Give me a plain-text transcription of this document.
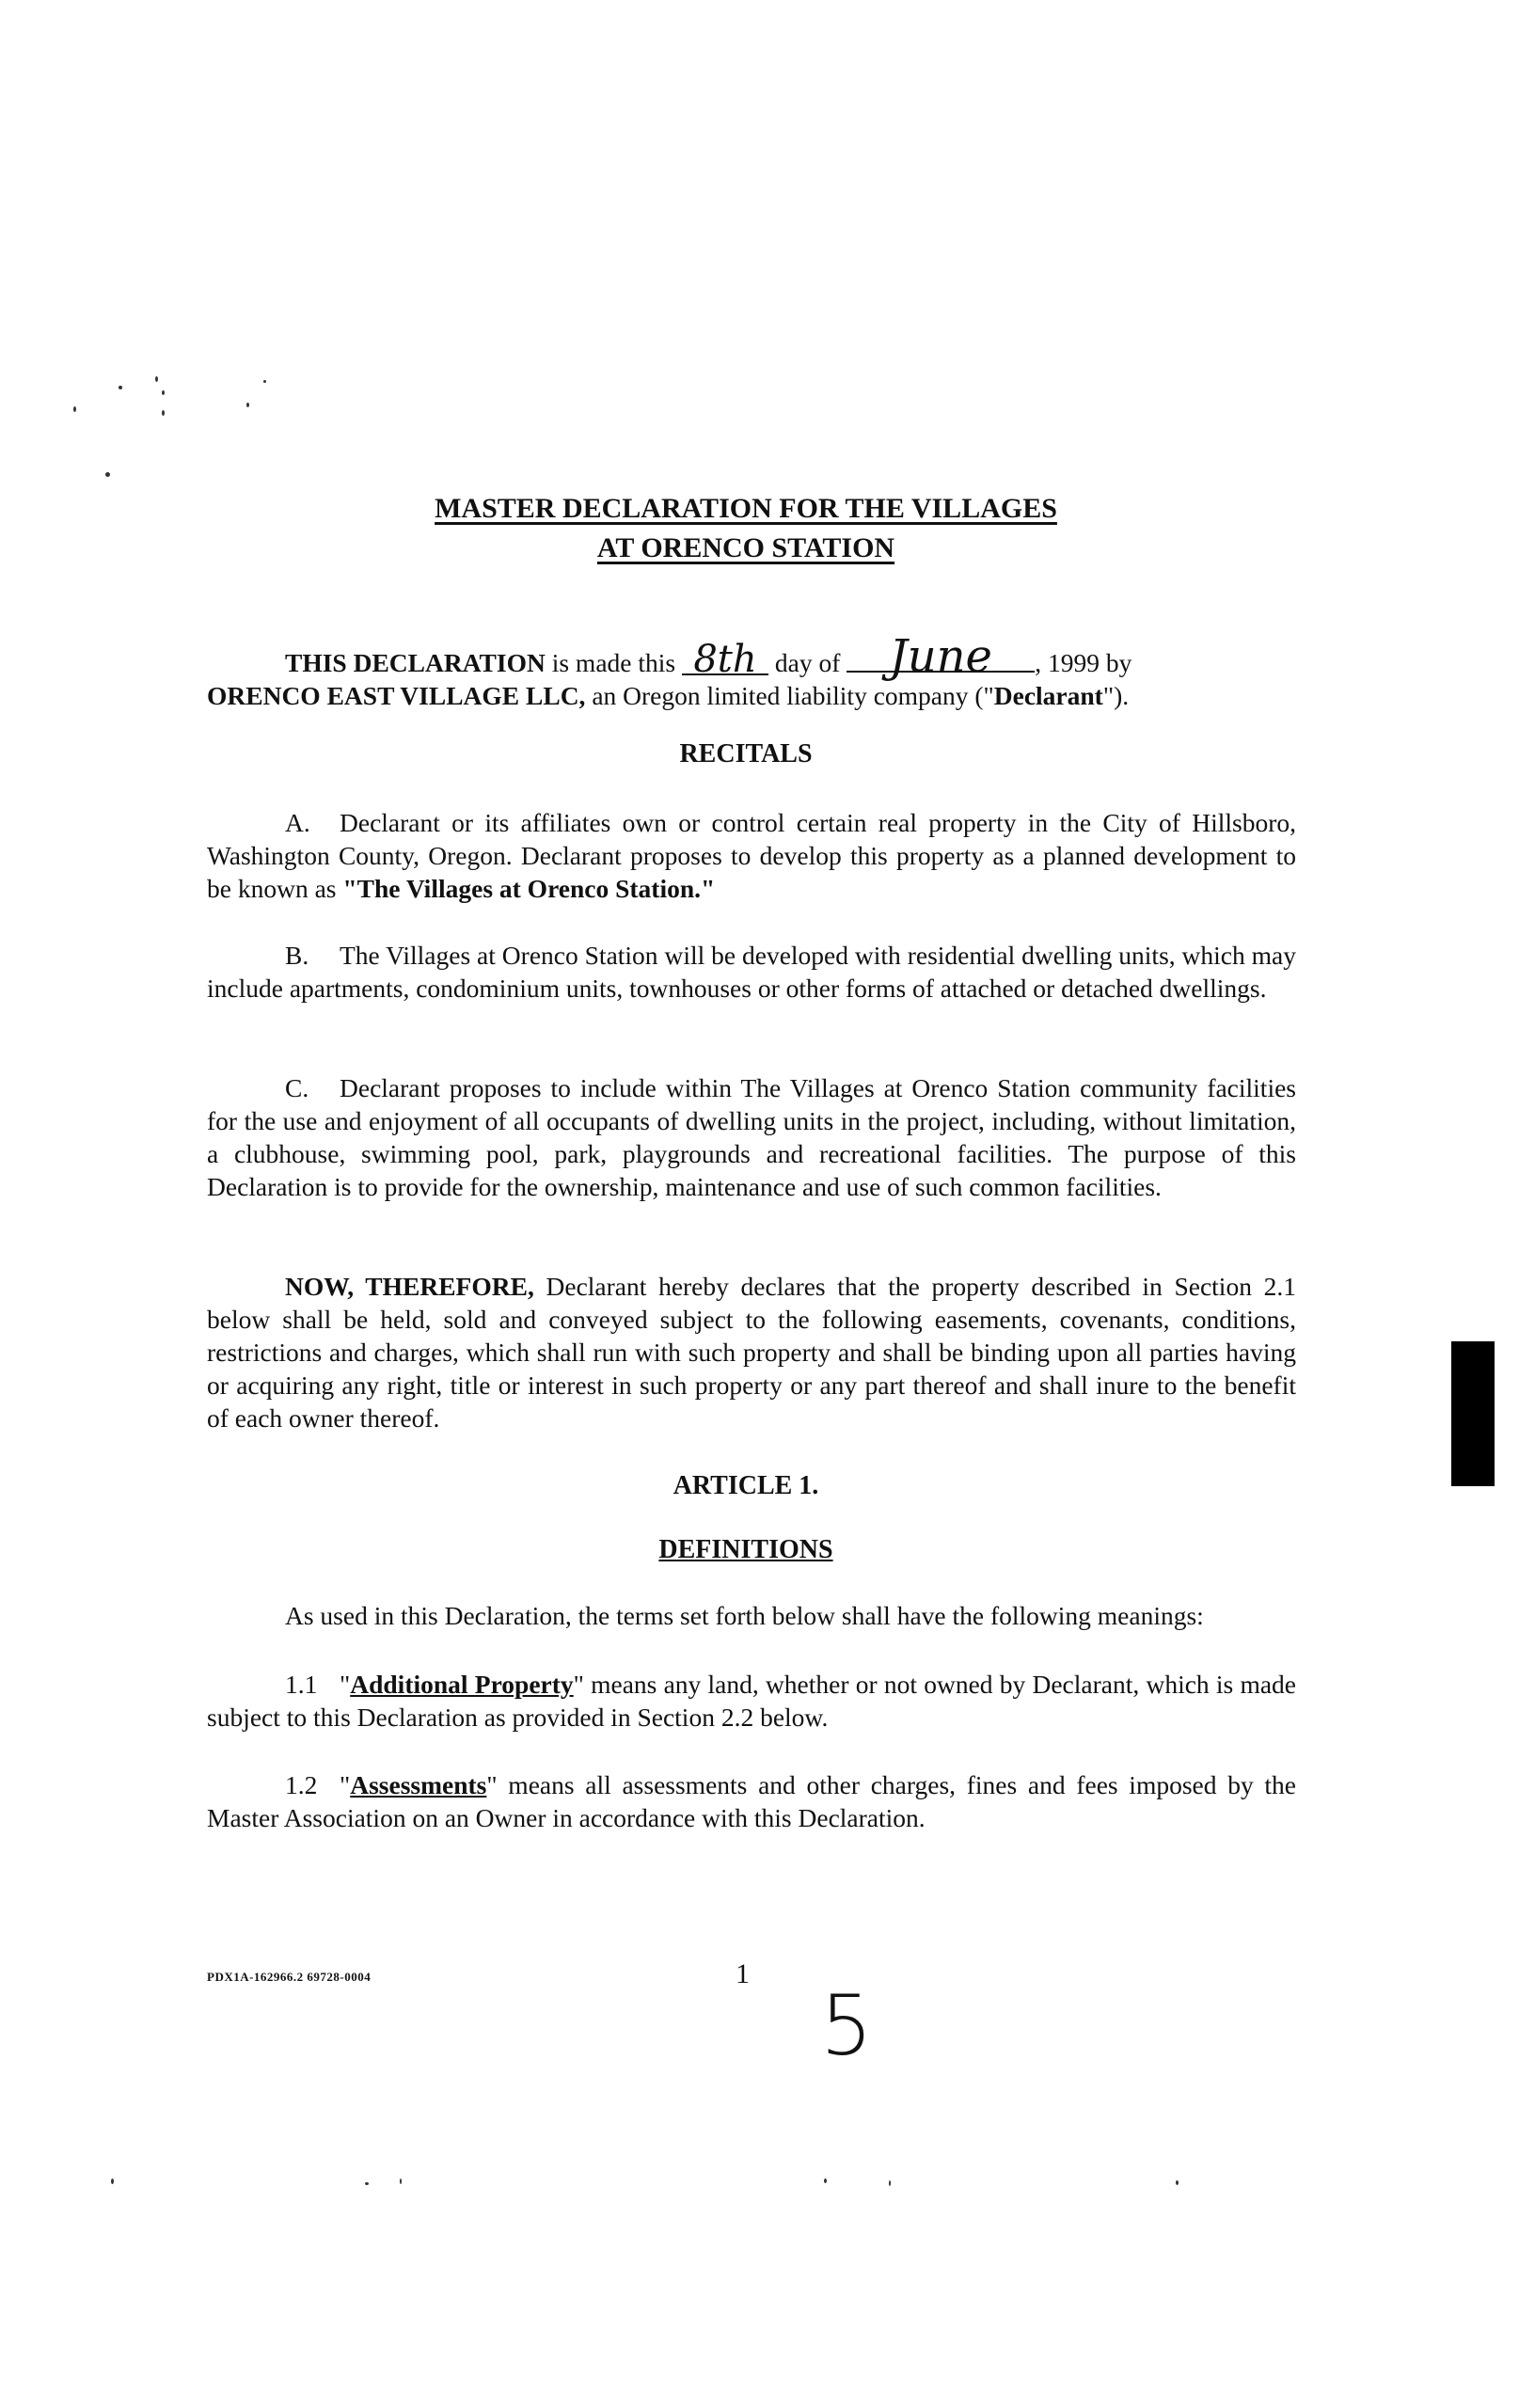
MASTER DECLARATION FOR THE VILLAGES
AT ORENCO STATION

THIS DECLARATION is made this 8th day of June , 1999 by
ORENCO EAST VILLAGE LLC, an Oregon limited liability company ("Declarant").

RECITALS

A. Declarant or its affiliates own or control certain real property in the City of Hillsboro, Washington County, Oregon. Declarant proposes to develop this property as a planned development to be known as "The Villages at Orenco Station."

B. The Villages at Orenco Station will be developed with residential dwelling units, which may include apartments, condominium units, townhouses or other forms of attached or detached dwellings.

C. Declarant proposes to include within The Villages at Orenco Station community facilities for the use and enjoyment of all occupants of dwelling units in the project, including, without limitation, a clubhouse, swimming pool, park, playgrounds and recreational facilities. The purpose of this Declaration is to provide for the ownership, maintenance and use of such common facilities.

NOW, THEREFORE, Declarant hereby declares that the property described in Section 2.1 below shall be held, sold and conveyed subject to the following easements, covenants, conditions, restrictions and charges, which shall run with such property and shall be binding upon all parties having or acquiring any right, title or interest in such property or any part thereof and shall inure to the benefit of each owner thereof.

ARTICLE 1.
DEFINITIONS

As used in this Declaration, the terms set forth below shall have the following meanings:

1.1 "Additional Property" means any land, whether or not owned by Declarant, which is made subject to this Declaration as provided in Section 2.2 below.

1.2 "Assessments" means all assessments and other charges, fines and fees imposed by the Master Association on an Owner in accordance with this Declaration.

PDX1A-162966.2 69728-0004	1
5
